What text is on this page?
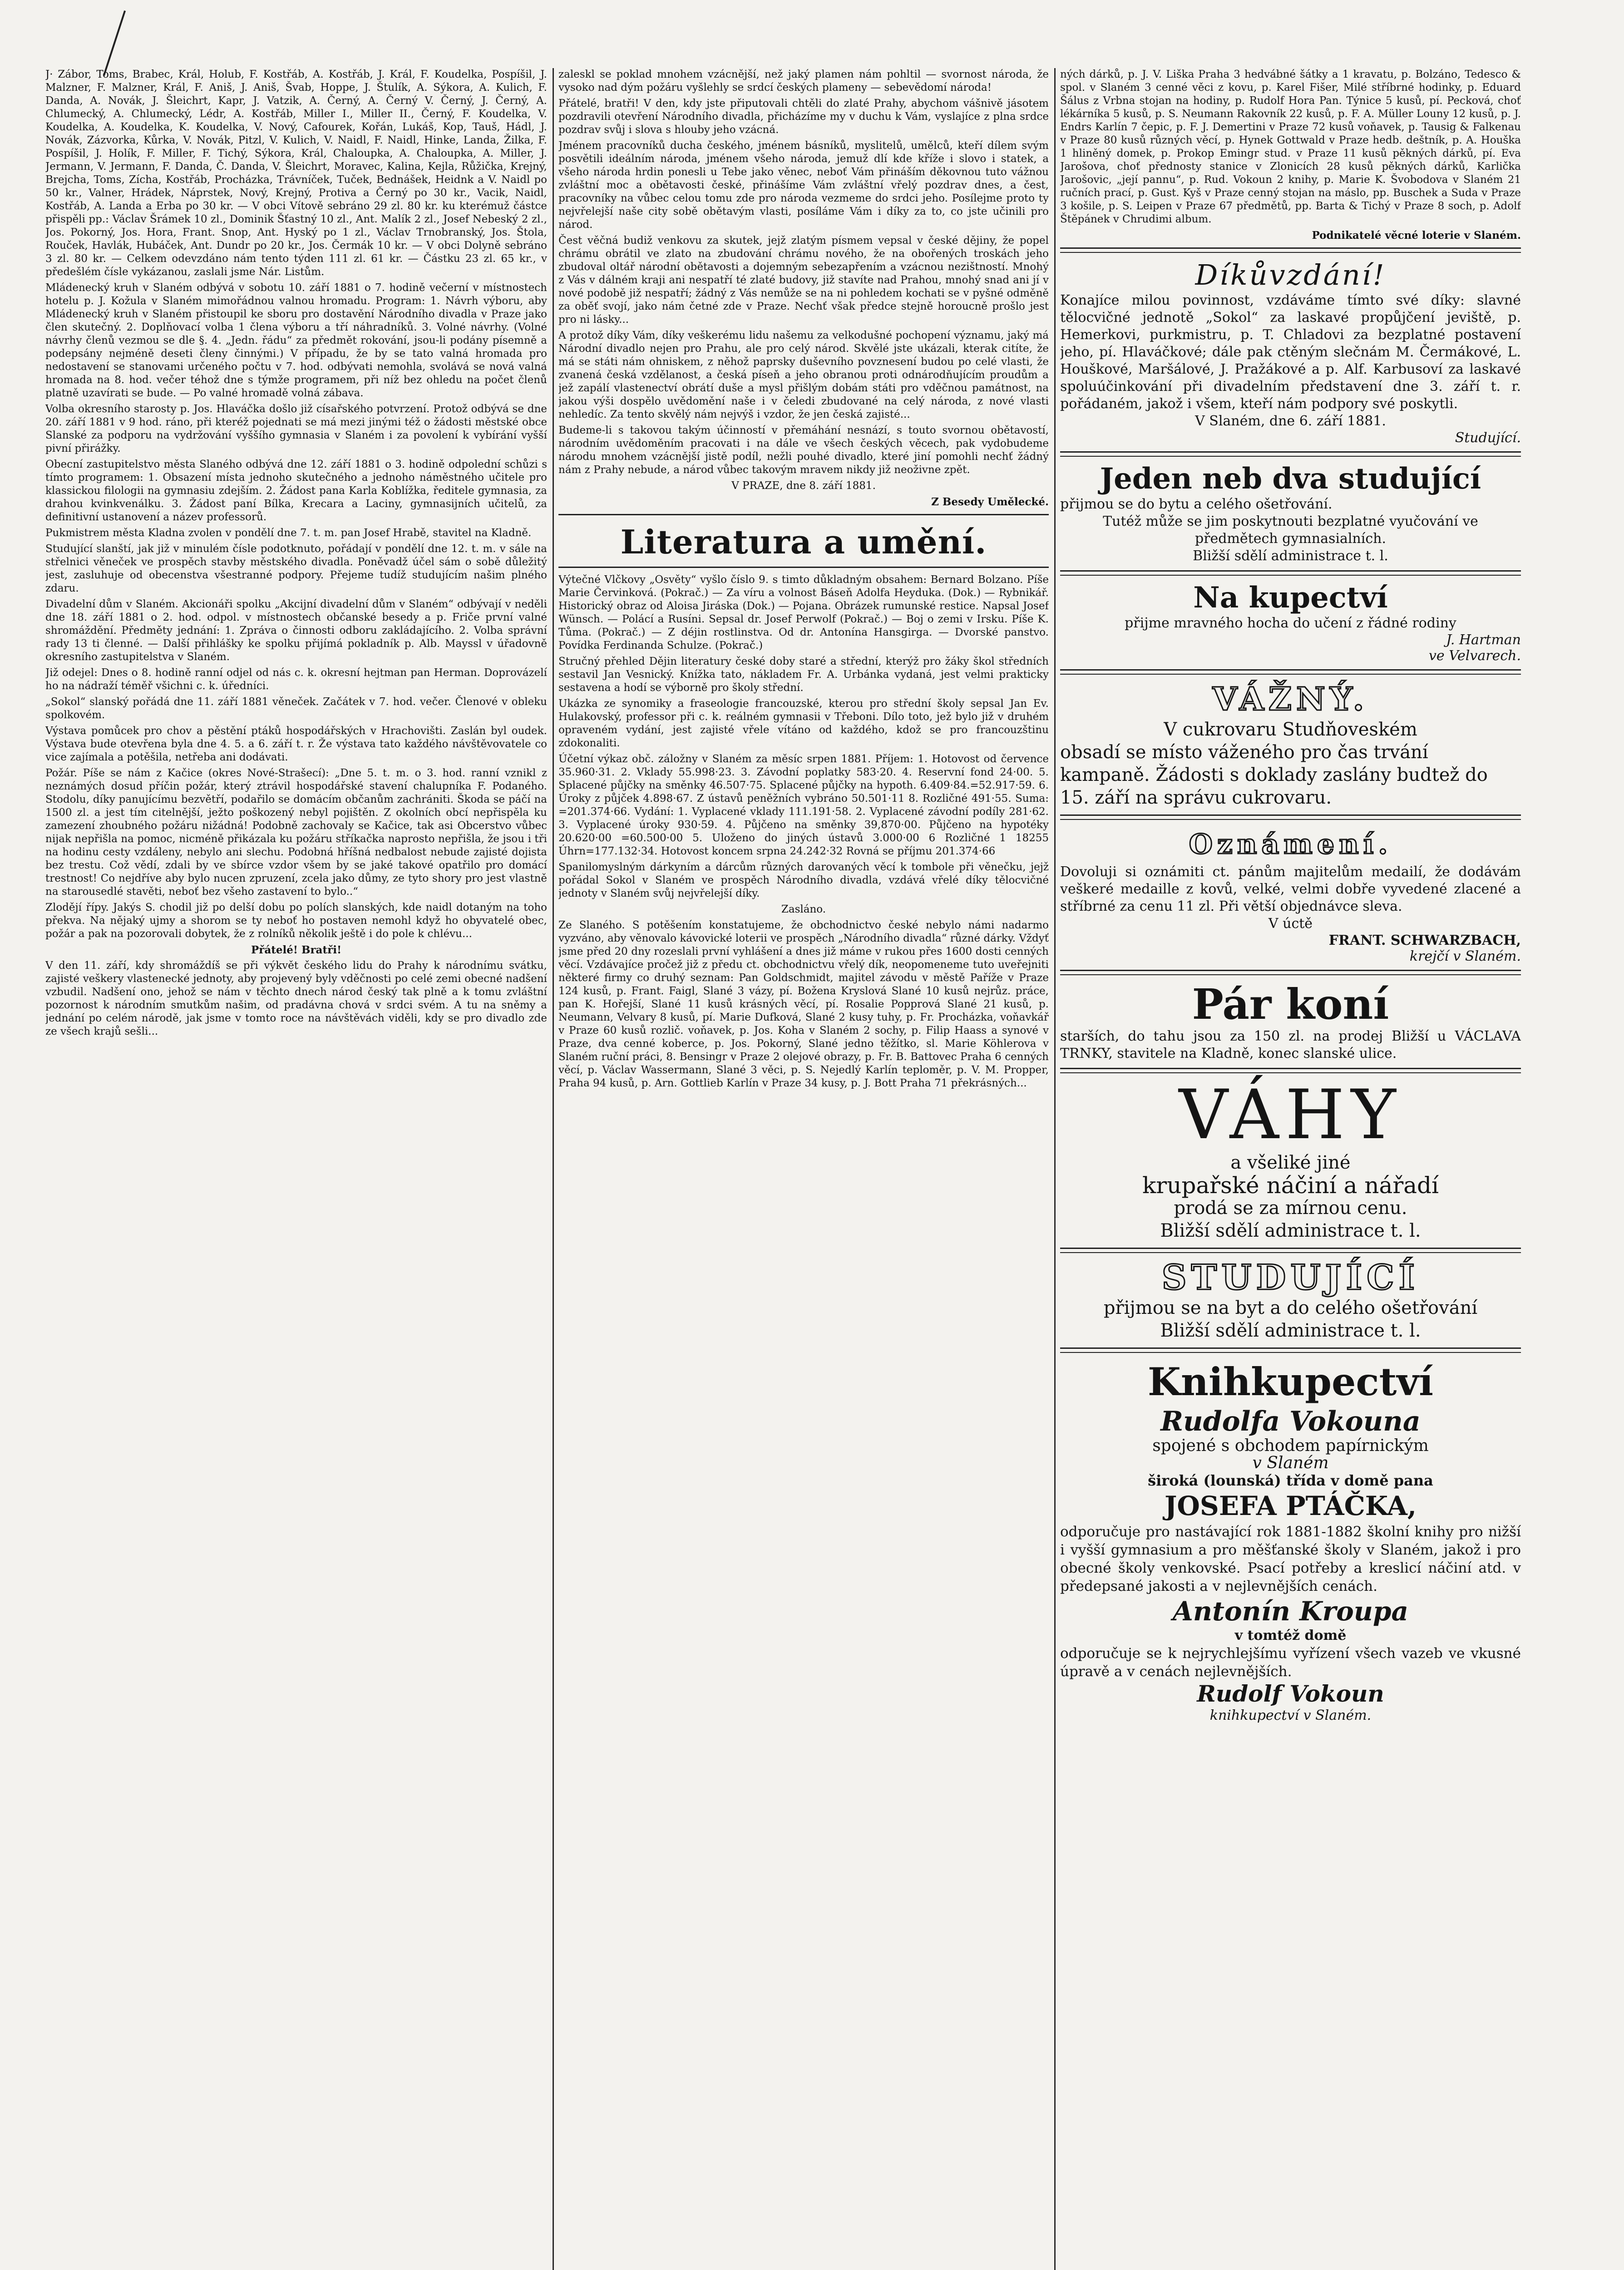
J· Zábor, Toms, Brabec, Král, Holub, F. Kostřáb, A. Kostřáb, J. Král, F. Koudelka, Pospíšil, J. Malzner, F. Malzner, Král, F. Aniš, J. Aniš, Švab, Hoppe, J. Štulík, A. Sýkora, A. Kulich, F. Danda, A. Novák, J. Šleichrt, Kapr, J. Vatzik, A. Černý, A. Černý V. Černý, J. Černý, A. Chlumecký, A. Chlumecký, Lédr, A. Kostřáb, Miller I., Miller II., Černý, F. Koudelka, V. Koudelka, A. Koudelka, K. Koudelka, V. Nový, Cafourek, Kořán, Lukáš, Kop, Tauš, Hádl, J. Novák, Zázvorka, Kůrka, V. Novák, Pitzl, V. Kulich, V. Naidl, F. Naidl, Hinke, Landa, Žilka, F. Pospíšil, J. Holík, F. Miller, F. Tichý, Sýkora, Král, Chaloupka, A. Chaloupka, A. Miller, J. Jermann, V. Jermann, F. Danda, Č. Danda, V. Šleichrt, Moravec, Kalina, Kejla, Růžička, Krejný, Brejcha, Toms, Zícha, Kostřáb, Procházka, Trávníček, Tuček, Bednášek, Heidnk a V. Naidl po 50 kr., Valner, Hrádek, Náprstek, Nový, Krejný, Protiva a Černý po 30 kr., Vacik, Naidl, Kostřáb, A. Landa a Erba po 30 kr. — V obci Vítově sebráno 29 zl. 80 kr. ku kterémuž částce přispěli pp.: Václav Šrámek 10 zl., Dominik Šťastný 10 zl., Ant. Malík 2 zl., Josef Nebeský 2 zl., Jos. Pokorný, Jos. Hora, Frant. Snop, Ant. Hyský po 1 zl., Václav Trnobranský, Jos. Štola, Rouček, Havlák, Hubáček, Ant. Dundr po 20 kr., Jos. Čermák 10 kr. — V obci Dolyně sebráno 3 zl. 80 kr. — Celkem odevzdáno nám tento týden 111 zl. 61 kr. — Částku 23 zl. 65 kr., v předešlém čísle vykázanou, zaslali jsme Nár. Listům.

Mládenecký kruh v Slaném odbývá v sobotu 10. září 1881 o 7. hodině večerní v místnostech hotelu p. J. Kožula v Slaném mimořádnou valnou hromadu. Program: 1. Návrh výboru, aby Mládenecký kruh v Slaném přistoupil ke sboru pro dostavění Národního divadla v Praze jako člen skutečný. 2. Doplňovací volba 1 člena výboru a tří náhradníků. 3. Volné návrhy. (Volné návrhy členů vezmou se dle §. 4. „Jedn. řádu“ za předmět rokování, jsou-li podány písemně a podepsány nejméně deseti členy činnými.) V případu, že by se tato valná hromada pro nedostavení se stanovami určeného počtu v 7. hod. odbývati nemohla, svolává se nová valná hromada na 8. hod. večer téhož dne s týmže programem, při níž bez ohledu na počet členů platně uzavírati se bude. — Po valné hromadě volná zábava.

Volba okresního starosty p. Jos. Hlaváčka došlo již císařského potvrzení. Protož odbývá se dne 20. září 1881 v 9 hod. ráno, při kteréž pojednati se má mezi jinými též o žádosti městské obce Slanské za podporu na vydržování vyššího gymnasia v Slaném i za povolení k vybírání vyšší pivní přirážky.

Obecní zastupitelstvo města Slaného odbývá dne 12. září 1881 o 3. hodině odpolední schůzi s tímto programem: 1. Obsazení místa jednoho skutečného a jednoho náměstného učitele pro klassickou filologii na gymnasiu zdejším. 2. Žádost pana Karla Koblížka, ředitele gymnasia, za drahou kvinkvenálku. 3. Žádost paní Bílka, Krecara a Laciny, gymnasijních učitelů, za definitivní ustanovení a název professorů.

Pukmistrem města Kladna zvolen v pondělí dne 7. t. m. pan Josef Hrabě, stavitel na Kladně.

Studující slanští, jak již v minulém čísle podotknuto, pořádají v pondělí dne 12. t. m. v sále na střelnici věneček ve prospěch stavby městského divadla. Poněvadž účel sám o sobě důležitý jest, zasluhuje od obecenstva všestranné podpory. Přejeme tudíž studujícím našim plného zdaru.

Divadelní dům v Slaném. Akcionáři spolku „Akcijní divadelní dům v Slaném“ odbývají v neděli dne 18. září 1881 o 2. hod. odpol. v místnostech občanské besedy a p. Friče první valné shromáždění. Předměty jednání: 1. Zpráva o činnosti odboru zakládajícího. 2. Volba správní rady 13 ti členné. — Další přihlášky ke spolku přijímá pokladník p. Alb. Mayssl v úřadovně okresního zastupitelstva v Slaném.

Již odejel: Dnes o 8. hodině ranní odjel od nás c. k. okresní hejtman pan Herman. Doprovázelí ho na nádraží téměř všichni c. k. úředníci.

„Sokol“ slanský pořádá dne 11. září 1881 věneček. Začátek v 7. hod. večer. Členové v obleku spolkovém.

Výstava pomůcek pro chov a pěstění ptáků hospodářských v Hrachovišti. Zaslán byl oudek. Výstava bude otevřena byla dne 4. 5. a 6. září t. r. Že výstava tato každého návštěvovatele co vice zajímala a potěšila, netřeba ani dodávati.

Požár. Píše se nám z Kačice (okres Nové-Strašecí): „Dne 5. t. m. o 3. hod. ranní vznikl z neznámých dosud příčin požár, který ztrávil hospodářské stavení chalupníka F. Podaného. Stodolu, díky panujícímu bezvětří, podařilo se domácím občanům zachrániti. Škoda se páčí na 1500 zl. a jest tím citelnější, ježto poškozený nebyl pojištěn. Z okolních obcí nepřispěla ku zamezení zhoubného požáru nižádná! Podobně zachovaly se Kačice, tak asi Obcerstvo vůbec nijak nepřišla na pomoc, nicméně přikázala ku požáru stříkačka naprosto nepřišla, že jsou i tři na hodinu cesty vzdáleny, nebylo ani slechu. Podobná hříšná nedbalost nebude zajisté dojista bez trestu. Což vědí, zdali by ve sbírce vzdor všem by se jaké takové opatřilo pro domácí trestnost! Co nejdříve aby bylo nucen zpruzení, zcela jako důmy, ze tyto shory pro jest vlastně na starousedlé stavěti, neboť bez všeho zastavení to bylo..“

Zlodějí řípy. Jakýs S. chodil již po delší dobu po polích slanských, kde naidl dotaným na toho překva. Na nějaký ujmy a shorom se ty neboť ho postaven nemohl když ho obyvatelé obec, požár a pak na pozorovali dobytek, že z rolníků několik ještě i do pole k chlévu...

Přátelé! Bratři!

V den 11. září, kdy shromáždíš se při výkvět českého lidu do Prahy k národnímu svátku, zajisté veškery vlastenecké jednoty, aby projevený byly vděčnosti po celé zemi obecné nadšení vzbudil. Nadšení ono, jehož se nám v těchto dnech národ český tak plně a k tomu zvláštní pozornost k národním smutkům našim, od pradávna chová v srdci svém. A tu na sněmy a jednání po celém národě, jak jsme v tomto roce na návštěvách viděli, kdy se pro divadlo zde ze všech krajů sešli...

zaleskl se poklad mnohem vzácnější, než jaký plamen nám pohltil — svornost národa, že vysoko nad dým požáru vyšlehly se srdcí českých plameny — sebevědomí národa!

Přátelé, bratři! V den, kdy jste připutovali chtěli do zlaté Prahy, abychom vášnivě jásotem pozdravili otevření Národního divadla, přicházíme my v duchu k Vám, vyslajíce z plna srdce pozdrav svůj i slova s hlouby jeho vzácná.

Jménem pracovníků ducha českého, jménem básníků, myslitelů, umělců, kteří dílem svým posvětili ideálním národa, jménem všeho národa, jemuž dlí kde kříže i slovo i statek, a všeho národa hrdin ponesli u Tebe jako věnec, neboť Vám přináším děkovnou tuto vážnou zvláštní moc a obětavosti české, přinášíme Vám zvláštní vřelý pozdrav dnes, a čest, pracovníky na vůbec celou tomu zde pro národa vezmeme do srdci jeho. Posílejme proto ty nejvřelejší naše city sobě obětavým vlasti, posíláme Vám i díky za to, co jste učinili pro národ.

Čest věčná budiž venkovu za skutek, jejž zlatým písmem vepsal v české dějiny, že popel chrámu obrátil ve zlato na zbudování chrámu nového, že na obořených troskách jeho zbudoval oltář národní obětavosti a dojemným sebezapřením a vzácnou nezištností. Mnohý z Vás v dálném kraji ani nespatří té zlaté budovy, již stavíte nad Prahou, mnohý snad ani jí v nové podobě již nespatří; žádný z Vás nemůže se na ni pohledem kochati se v pyšné odměně za oběť svojí, jako nám četné zde v Praze. Nechť však předce stejně horoucně prošlo jest pro ni lásky...

A protož díky Vám, díky veškerému lidu našemu za velkodušné pochopení významu, jaký má Národní divadlo nejen pro Prahu, ale pro celý národ. Skvělé jste ukázali, kterak citíte, že má se státi nám ohniskem, z něhož paprsky duševního povznesení budou po celé vlasti, že zvanená česká vzdělanost, a česká píseň a jeho obranou proti odnárodňujícím proudům a jež zapálí vlastenectví obrátí duše a mysl přišlým dobám státi pro vděčnou památnost, na jakou výši dospělo uvědomění naše i v čeledi zbudované na celý národa, z nové vlasti nehledíc. Za tento skvělý nám nejvýš i vzdor, že jen česká zajisté...

Budeme-li s takovou takým účinností v přemáhání nesnází, s touto svornou obětavostí, národním uvědoměním pracovati i na dále ve všech českých věcech, pak vydobudeme národu mnohem vzácnější jistě podíl, nežli pouhé divadlo, které jiní pomohli nechť žádný nám z Prahy nebude, a národ vůbec takovým mravem nikdy již neoživne zpět.

V PRAZE, dne 8. září 1881.

Z Besedy Umělecké.

Literatura a umění.

Výtečné Vlčkovy „Osvěty“ vyšlo číslo 9. s timto důkladným obsahem: Bernard Bolzano. Píše Marie Červinková. (Pokrač.) — Za víru a volnost Báseň Adolfa Heyduka. (Dok.) — Rybnikář. Historický obraz od Aloisa Jiráska (Dok.) — Pojana. Obrázek rumunské restice. Napsal Josef Wünsch. — Polácí a Rusíni. Sepsal dr. Josef Perwolf (Pokrač.) — Boj o zemi v Irsku. Píše K. Tůma. (Pokrač.) — Z déjin rostlinstva. Od dr. Antonína Hansgirga. — Dvorské panstvo. Povídka Ferdinanda Schulze. (Pokrač.)

Stručný přehled Dějin literatury české doby staré a střední, kterýž pro žáky škol středních sestavil Jan Vesnický. Knížka tato, nákladem Fr. A. Urbánka vydaná, jest velmi prakticky sestavena a hodí se výborně pro školy střední.

Ukázka ze synomiky a fraseologie francouzské, kterou pro střední školy sepsal Jan Ev. Hulakovský, professor při c. k. reálném gymnasii v Třeboni. Dílo toto, jež bylo již v druhém opraveném vydání, jest zajisté vřele vítáno od každého, kdož se pro francouzštinu zdokonaliti.

Účetní výkaz obč. záložny v Slaném za měsíc srpen 1881. Příjem: 1. Hotovost od července 35.960·31. 2. Vklady 55.998·23. 3. Závodní poplatky 583·20. 4. Reservní fond 24·00. 5. Splacené půjčky na směnky 46.507·75. Splacené půjčky na hypoth. 6.409·84.=52.917·59. 6. Úroky z půjček 4.898·67. Z ústavů peněžních vybráno 50.501·11 8. Rozličné 491·55. Suma: =201.374·66. Vydání: 1. Vyplacené vklady 111.191·58. 2. Vyplacené závodní podíly 281·62. 3. Vyplacené úroky 930·59. 4. Půjčeno na směnky 39,870·00. Půjčeno na hypotéky 20.620·00 =60.500·00 5. Uloženo do jiných ústavů 3.000·00 6 Rozličné 1 18255 Úhrn=177.132·34. Hotovost koncem srpna 24.242·32 Rovná se příjmu 201.374·66

Spanilomyslným dárkyním a dárcům různých darovaných věcí k tombole při věnečku, jejž pořádal Sokol v Slaném ve prospěch Národního divadla, vzdává vřelé díky tělocvičné jednoty v Slaném svůj nejvřelejší díky.

Zasláno.

Ze Slaného. S potěšením konstatujeme, že obchodnictvo české nebylo námi nadarmo vyzváno, aby věnovalo kávovické loterii ve prospěch „Národního divadla“ různé dárky. Vždyť jsme před 20 dny rozeslali první vyhlášení a dnes již máme v rukou přes 1600 dosti cenných věcí. Vzdávajíce pročež již z předu ct. obchodnictvu vřelý dík, neopomeneme tuto uveřejniti některé firmy co druhý seznam: Pan Goldschmidt, majitel závodu v městě Paříže v Praze 124 kusů, p. Frant. Faigl, Slané 3 vázy, pí. Božena Kryslová Slané 10 kusů nejrůz. práce, pan K. Hořejší, Slané 11 kusů krásných věcí, pí. Rosalie Popprová Slané 21 kusů, p. Neumann, Velvary 8 kusů, pí. Marie Dufková, Slané 2 kusy tuhy, p. Fr. Procházka, voňavkář v Praze 60 kusů rozlič. voňavek, p. Jos. Koha v Slaném 2 sochy, p. Filip Haass a synové v Praze, dva cenné koberce, p. Jos. Pokorný, Slané jedno těžítko, sl. Marie Köhlerova v Slaném ruční práci, 8. Bensingr v Praze 2 olejové obrazy, p. Fr. B. Battovec Praha 6 cenných věcí, p. Václav Wassermann, Slané 3 věci, p. S. Nejedlý Karlín teploměr, p. V. M. Propper, Praha 94 kusů, p. Arn. Gottlieb Karlín v Praze 34 kusy, p. J. Bott Praha 71 překrásných...

ných dárků, p. J. V. Liška Praha 3 hedvábné šátky a 1 kravatu, p. Bolzáno, Tedesco & spol. v Slaném 3 cenné věci z kovu, p. Karel Fišer, Milé stříbrné hodinky, p. Eduard Šálus z Vrbna stojan na hodiny, p. Rudolf Hora Pan. Týnice 5 kusů, pí. Pecková, choť lékárníka 5 kusů, p. S. Neumann Rakovník 22 kusů, p. F. A. Müller Louny 12 kusů, p. J. Endrs Karlín 7 čepic, p. F. J. Demertini v Praze 72 kusů voňavek, p. Tausig & Falkenau v Praze 80 kusů různých věcí, p. Hynek Gottwald v Praze hedb. deštník, p. A. Houška 1 hliněný domek, p. Prokop Emingr stud. v Praze 11 kusů pěkných dárků, pí. Eva Jarošova, choť přednosty stanice v Zlonicích 28 kusů pěkných dárků, Karlička Jarošovic, „její pannu“, p. Rud. Vokoun 2 knihy, p. Marie K. Švobodova v Slaném 21 ručních prací, p. Gust. Kyš v Praze cenný stojan na máslo, pp. Buschek a Suda v Praze 3 košile, p. S. Leipen v Praze 67 předmětů, pp. Barta & Tichý v Praze 8 soch, p. Adolf Štěpánek v Chrudimi album.

Podnikatelé věcné loterie v Slaném.

Díkůvzdání!
Konajíce milou povinnost, vzdáváme tímto své díky: slavné tělocvičné jednotě „Sokol“ za laskavé propůjčení jeviště, p. Hemerkovi, purkmistru, p. T. Chladovi za bezplatné postavení jeho, pí. Hlaváčkové; dále pak ctěným slečnám M. Čermákové, L. Houškové, Maršálové, J. Pražákové a p. Alf. Karbusoví za laskavé spoluúčinkování při divadelním představení dne 3. září t. r. pořádaném, jakož i všem, kteří nám podpory své poskytli.
V Slaném, dne 6. září 1881.
Studující.
Jeden neb dva studující
přijmou se do bytu a celého ošetřování.
Tutéž může se jim poskytnouti bezplatné vyučování ve předmětech gymnasialních.
Bližší sdělí administrace t. l.
Na kupectví
přijme mravného hocha do učení z řádné rodiny
J. Hartman
ve Velvarech.
VÁŽNÝ.
V cukrovaru Studňoveském
obsadí se místo váženého pro čas trvání kampaně. Žádosti s doklady zaslány budtež do 15. září na správu cukrovaru.
Oznámení.
Dovoluji si oznámiti ct. pánům majitelům medailí, že dodávám veškeré medaille z kovů, velké, velmi dobře vyvedené zlacené a stříbrné za cenu 11 zl. Při větší objednávce sleva.
V úctě
FRANT. SCHWARZBACH,
krejčí v Slaném.
Pár koní
starších, do tahu jsou za 150 zl. na prodej Bližší u VÁCLAVA TRNKY, stavitele na Kladně, konec slanské ulice.
VÁHY
a všeliké jiné
krupařské náčiní a nářadí
prodá se za mírnou cenu.
Bližší sdělí administrace t. l.
STUDUJÍCÍ
přijmou se na byt a do celého ošetřování
Bližší sdělí administrace t. l.
Knihkupectví
Rudolfa Vokouna
spojené s obchodem papírnickým
v Slaném
široká (lounská) třída v domě pana
JOSEFA PTÁČKA,
odporučuje pro nastávající rok 1881-1882 školní knihy pro nižší i vyšší gymnasium a pro měšťanské školy v Slaném, jakož i pro obecné školy venkovské. Psací potřeby a kreslicí náčiní atd. v předepsané jakosti a v nejlevnějších cenách.
Antonín Kroupa
v tomtéž domě
odporučuje se k nejrychlejšímu vyřízení všech vazeb ve vkusné úpravě a v cenách nejlevnějších.
Rudolf Vokoun
knihkupectví v Slaném.
